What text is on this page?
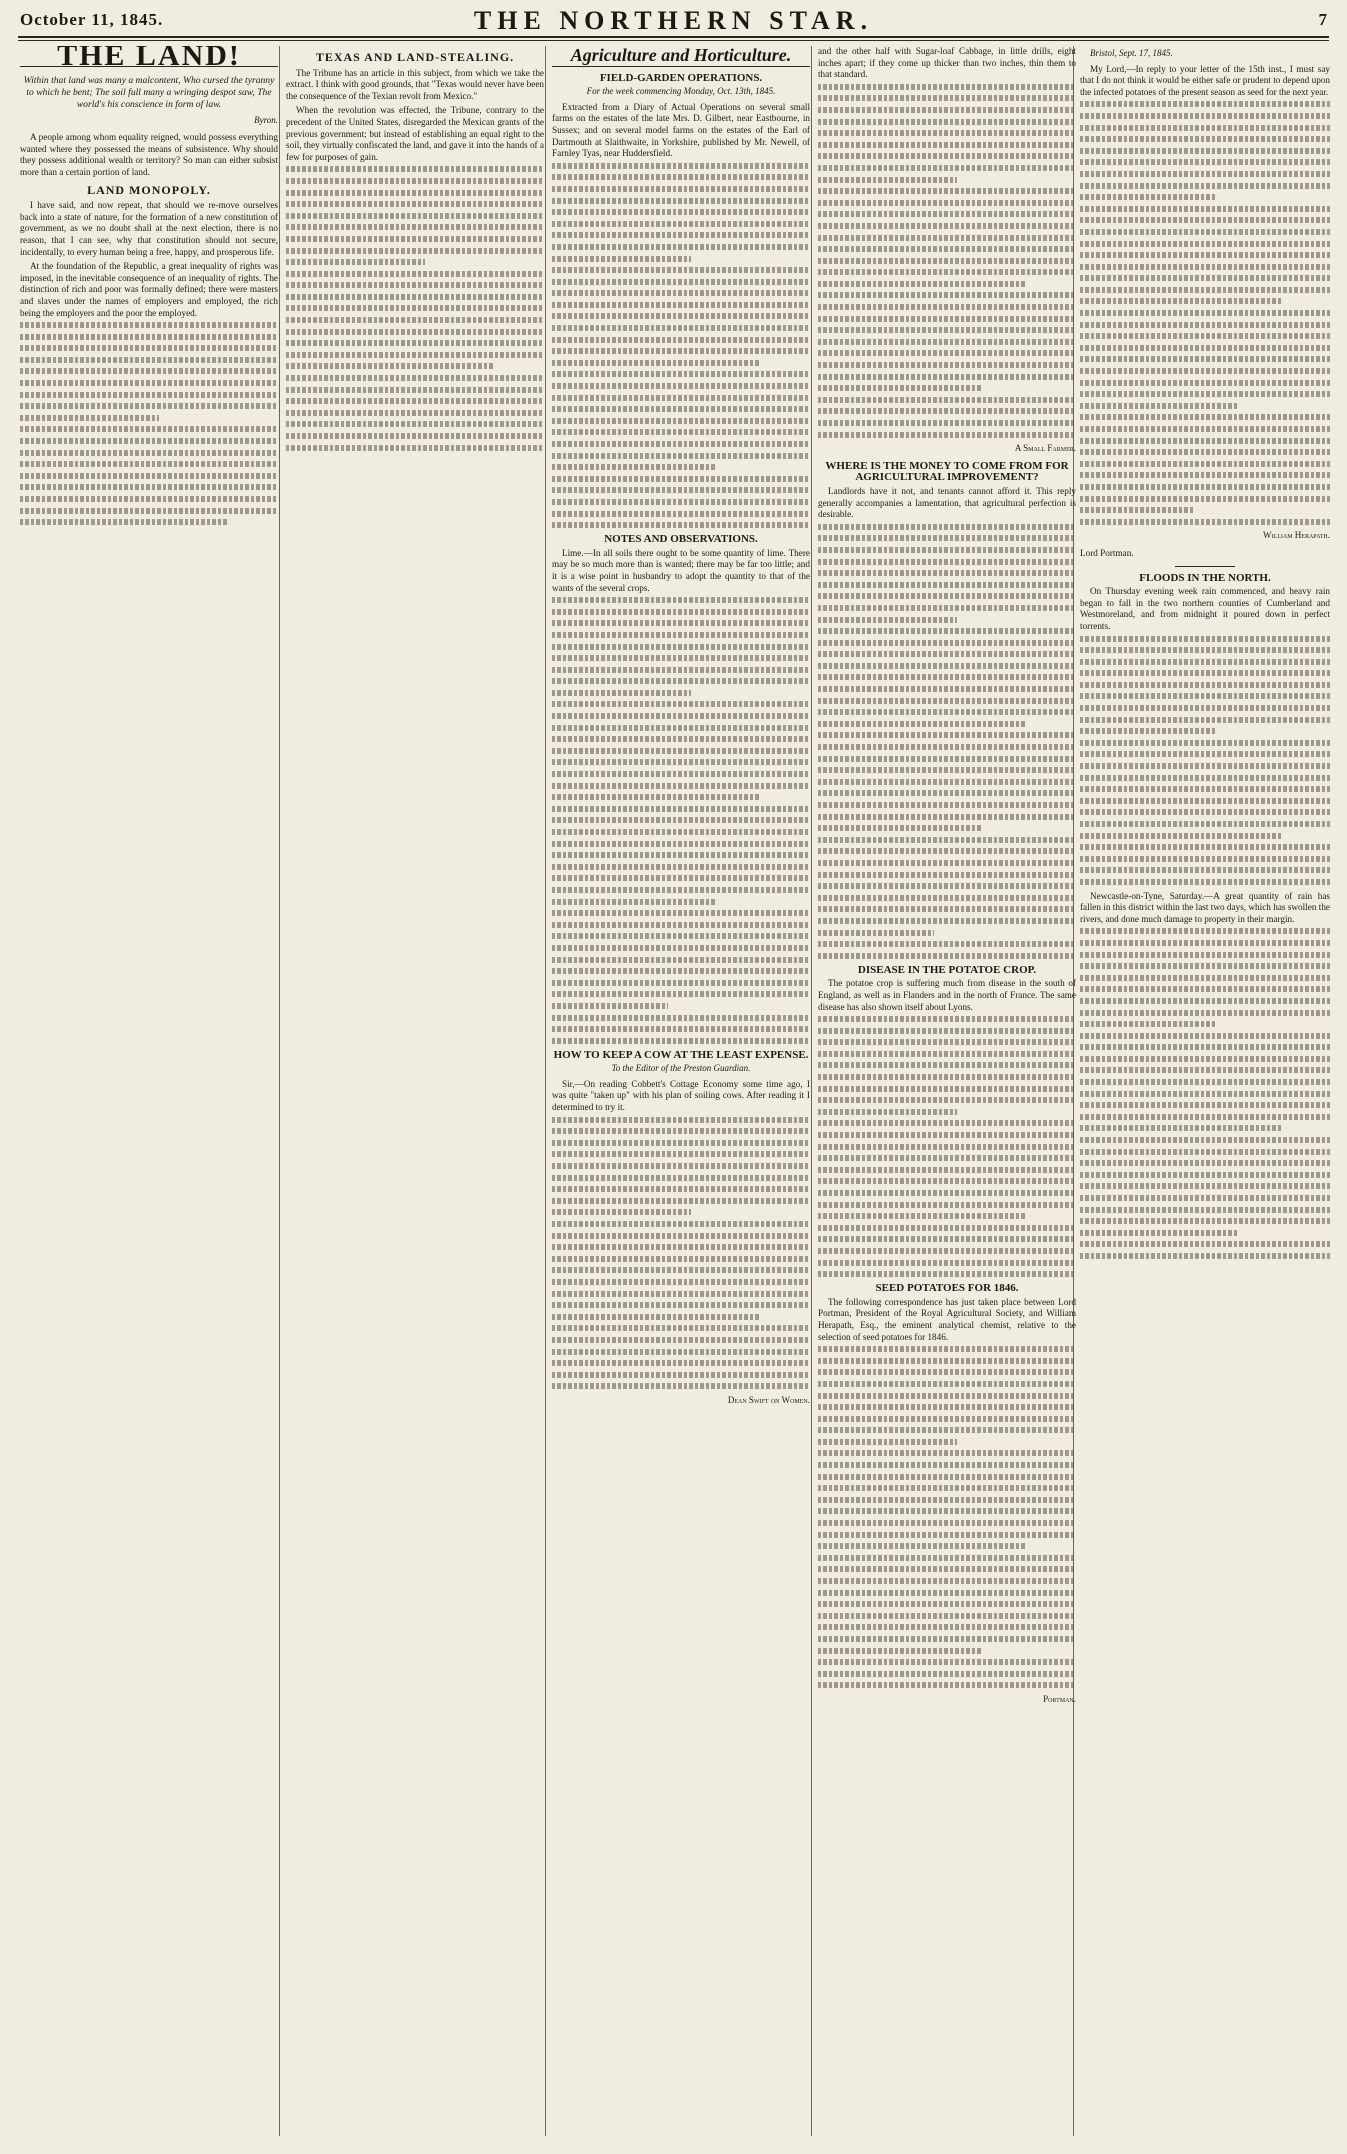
October 11, 1845.	THE NORTHERN STAR.	7
THE LAND!
Within that land was many a malcontent, Who cursed the tyranny to which he bent; The soil full many a wringing despot saw, The world's his conscience in form of law.
Byron.

A people among whom equality reigned, would possess everything wanted where they possessed the means of subsistence. Why should they possess additional wealth or territory? So man can either subsist more than a certain portion of land.

LAND MONOPOLY.

I have said, and now repeat, that should we re-move ourselves back into a state of nature, for the formation of a new constitution of government, as we no doubt shall at the next election, there is no reason, that I can see, why that constitution should not secure, incidentally, to every human being a free, happy, and prosperous life.

At the foundation of the Republic, a great inequality of rights was imposed, in the inevitable consequence of an inequality of rights. The distinction of rich and poor was formally defined; there were masters and slaves under the names of employers and employed, the rich being the employers and the poor the employed.

TEXAS AND LAND-STEALING.

The Tribune has an article in this subject, from which we take the extract. I think with good grounds, that "Texas would never have been the consequence of the Texian revolt from Mexico."

When the revolution was effected, the Tribune, contrary to the precedent of the United States, disregarded the Mexican grants of the previous government; but instead of establishing an equal right to the soil, they virtually confiscated the land, and gave it into the hands of a few for purposes of gain.

Agriculture and Horticulture.
FIELD-GARDEN OPERATIONS.
For the week commencing Monday, Oct. 13th, 1845.

Extracted from a Diary of Actual Operations on several small farms on the estates of the late Mrs. D. Gilbert, near Eastbourne, in Sussex; and on several model farms on the estates of the Earl of Dartmouth at Slaithwaite, in Yorkshire, published by Mr. Newell, of Farnley Tyas, near Huddersfield.

NOTES AND OBSERVATIONS.

Lime.—In all soils there ought to be some quantity of lime. There may be so much more than is wanted; there may be far too little; and it is a wise point in husbandry to adopt the quantity to that of the wants of the several crops.

HOW TO KEEP A COW AT THE LEAST EXPENSE.
To the Editor of the Preston Guardian.

Sir,—On reading Cobbett's Cottage Economy some time ago, I was quite "taken up" with his plan of soiling cows. After reading it I determined to try it.

Dean Swift on Women.

and the other half with Sugar-loaf Cabbage, in little drills, eight inches apart; if they come up thicker than two inches, thin them to that standard.

A Small Farmer.
WHERE IS THE MONEY TO COME FROM FOR AGRICULTURAL IMPROVEMENT?

Landlords have it not, and tenants cannot afford it. This reply generally accompanies a lamentation, that agricultural perfection is desirable.

DISEASE IN THE POTATOE CROP.

The potatoe crop is suffering much from disease in the south of England, as well as in Flanders and in the north of France. The same disease has also shown itself about Lyons.

SEED POTATOES FOR 1846.

The following correspondence has just taken place between Lord Portman, President of the Royal Agricultural Society, and William Herapath, Esq., the eminent analytical chemist, relative to the selection of seed potatoes for 1846.

Portman.
Bristol, Sept. 17, 1845.

My Lord,—In reply to your letter of the 15th inst., I must say that I do not think it would be either safe or prudent to depend upon the infected potatoes of the present season as seed for the next year.

William Herapath.

Lord Portman.

FLOODS IN THE NORTH.

On Thursday evening week rain commenced, and heavy rain began to fall in the two northern counties of Cumberland and Westmoreland, and from midnight it poured down in perfect torrents.

Newcastle-on-Tyne, Saturday.—A great quantity of rain has fallen in this district within the last two days, which has swollen the rivers, and done much damage to property in their margin.
